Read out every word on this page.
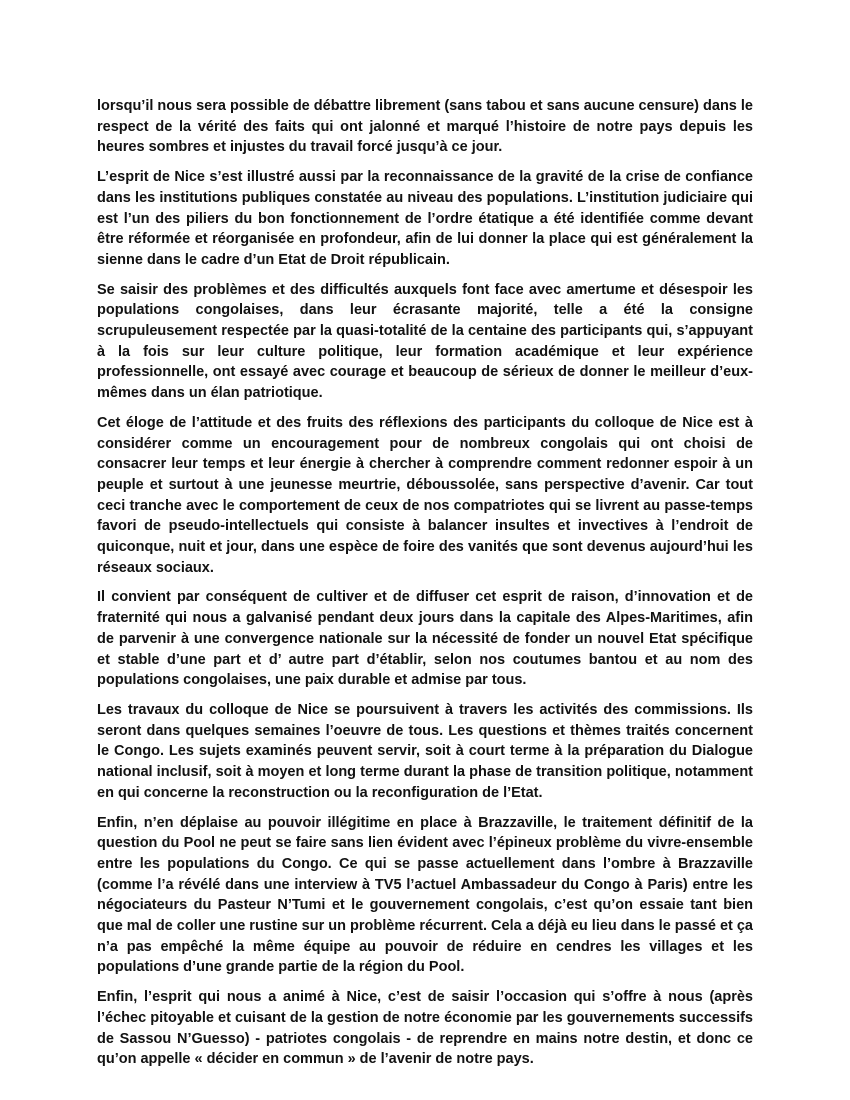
lorsqu’il nous sera possible de débattre librement (sans tabou et sans aucune censure) dans le respect de la vérité des faits qui ont jalonné et marqué l’histoire de notre pays depuis les heures sombres et injustes du travail forcé jusqu’à ce jour.

L’esprit de Nice s’est illustré aussi par la reconnaissance de la gravité de la crise de confiance dans les institutions publiques constatée au niveau des populations. L’institution judiciaire qui est l’un des piliers du bon fonctionnement de l’ordre étatique a été identifiée comme devant être réformée et réorganisée en profondeur, afin de lui donner la place qui est généralement la sienne dans le cadre d’un Etat de Droit républicain.

Se saisir des problèmes et des difficultés auxquels font face avec amertume et désespoir les populations congolaises, dans leur écrasante majorité, telle a été la consigne scrupuleusement respectée par la quasi-totalité de la centaine des participants qui, s’appuyant à la fois sur leur culture politique, leur formation académique et leur expérience professionnelle, ont essayé avec courage et beaucoup de sérieux de donner le meilleur d’eux-mêmes dans un élan patriotique.

Cet éloge de l’attitude et des fruits des réflexions des participants du colloque de Nice est à considérer comme un encouragement pour de nombreux congolais qui ont choisi de consacrer leur temps et leur énergie à chercher à comprendre comment redonner espoir à un peuple et surtout à une jeunesse meurtrie, déboussolée, sans perspective d’avenir. Car tout ceci tranche avec le comportement de ceux de nos compatriotes qui se livrent au passe-temps favori de pseudo-intellectuels qui consiste à balancer insultes et invectives à l’endroit de quiconque, nuit et jour, dans une espèce de foire des vanités que sont devenus aujourd’hui les réseaux sociaux.

Il convient par conséquent de cultiver et de diffuser cet esprit de raison, d’innovation et de fraternité qui nous a galvanisé pendant deux jours dans la capitale des Alpes-Maritimes, afin de parvenir à une convergence nationale sur la nécessité de fonder un nouvel Etat spécifique et stable d’une part et d’ autre part d’établir, selon nos coutumes bantou et au nom des populations congolaises, une paix durable et admise par tous.

Les travaux du colloque de Nice se poursuivent à travers les activités des commissions. Ils seront dans quelques semaines l’oeuvre de tous. Les questions et thèmes traités concernent le Congo. Les sujets examinés peuvent servir, soit à court terme à la préparation du Dialogue national inclusif, soit à moyen et long terme durant la phase de transition politique, notamment en qui concerne la reconstruction ou la reconfiguration de l’Etat.

Enfin, n’en déplaise au pouvoir illégitime en place à Brazzaville, le traitement définitif de la question du Pool ne peut se faire sans lien évident avec l’épineux problème du vivre-ensemble entre les populations du Congo. Ce qui se passe actuellement dans l’ombre à Brazzaville (comme l’a révélé dans une interview à TV5 l’actuel Ambassadeur du Congo à Paris) entre les négociateurs du Pasteur N’Tumi et le gouvernement congolais, c’est qu’on essaie tant bien que mal de coller une rustine sur un problème récurrent. Cela a déjà eu lieu dans le passé et ça n’a pas empêché la même équipe au pouvoir de réduire en cendres les villages et les populations d’une grande partie de la région du Pool.

Enfin, l’esprit qui nous a animé à Nice, c’est de saisir l’occasion qui s’offre à nous (après l’échec pitoyable et cuisant de la gestion de notre économie par les gouvernements successifs de Sassou N’Guesso) - patriotes congolais - de reprendre en mains notre destin, et donc ce qu’on appelle « décider en commun » de l’avenir de notre pays.
